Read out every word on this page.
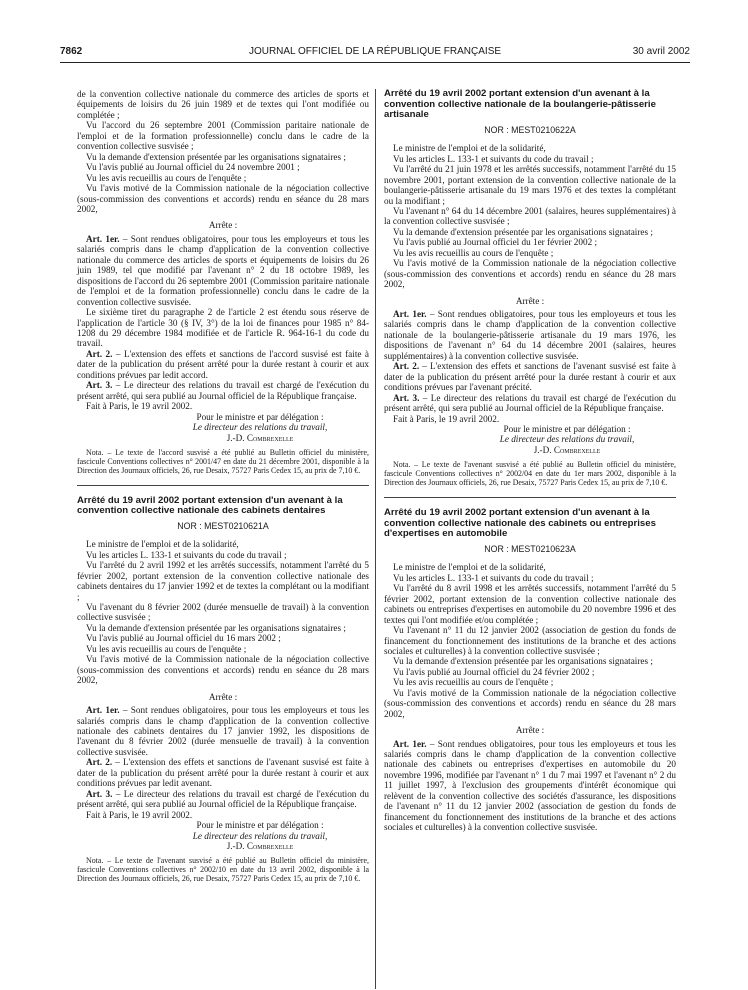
7862	JOURNAL OFFICIEL DE LA RÉPUBLIQUE FRANÇAISE	30 avril 2002

de la convention collective nationale du commerce des articles de sports et équipements de loisirs du 26 juin 1989 et de textes qui l'ont modifiée ou complétée ;

Vu l'accord du 26 septembre 2001 (Commission paritaire nationale de l'emploi et de la formation professionnelle) conclu dans le cadre de la convention collective susvisée ;

Vu la demande d'extension présentée par les organisations signataires ;

Vu l'avis publié au Journal officiel du 24 novembre 2001 ;

Vu les avis recueillis au cours de l'enquête ;

Vu l'avis motivé de la Commission nationale de la négociation collective (sous-commission des conventions et accords) rendu en séance du 28 mars 2002,

Arrête :

Art. 1er. – Sont rendues obligatoires, pour tous les employeurs et tous les salariés compris dans le champ d'application de la convention collective nationale du commerce des articles de sports et équipements de loisirs du 26 juin 1989, tel que modifié par l'avenant n° 2 du 18 octobre 1989, les dispositions de l'accord du 26 septembre 2001 (Commission paritaire nationale de l'emploi et de la formation professionnelle) conclu dans le cadre de la convention collective susvisée.

Le sixième tiret du paragraphe 2 de l'article 2 est étendu sous réserve de l'application de l'article 30 (§ IV, 3°) de la loi de finances pour 1985 n° 84-1208 du 29 décembre 1984 modifiée et de l'article R. 964-16-1 du code du travail.

Art. 2. – L'extension des effets et sanctions de l'accord susvisé est faite à dater de la publication du présent arrêté pour la durée restant à courir et aux conditions prévues par ledit accord.

Art. 3. – Le directeur des relations du travail est chargé de l'exécution du présent arrêté, qui sera publié au Journal officiel de la République française.

Fait à Paris, le 19 avril 2002.

Pour le ministre et par délégation :
Le directeur des relations du travail,
J.-D. Combrexelle

Nota. – Le texte de l'accord susvisé a été publié au Bulletin officiel du ministère, fascicule Conventions collectives n° 2001/47 en date du 21 décembre 2001, disponible à la Direction des Journaux officiels, 26, rue Desaix, 75727 Paris Cedex 15, au prix de 7,10 €.

Arrêté du 19 avril 2002 portant extension d'un avenant à la convention collective nationale des cabinets dentaires

NOR : MEST0210621A

Le ministre de l'emploi et de la solidarité,

Vu les articles L. 133-1 et suivants du code du travail ;

Vu l'arrêté du 2 avril 1992 et les arrêtés successifs, notamment l'arrêté du 5 février 2002, portant extension de la convention collective nationale des cabinets dentaires du 17 janvier 1992 et de textes la complétant ou la modifiant ;

Vu l'avenant du 8 février 2002 (durée mensuelle de travail) à la convention collective susvisée ;

Vu la demande d'extension présentée par les organisations signataires ;

Vu l'avis publié au Journal officiel du 16 mars 2002 ;

Vu les avis recueillis au cours de l'enquête ;

Vu l'avis motivé de la Commission nationale de la négociation collective (sous-commission des conventions et accords) rendu en séance du 28 mars 2002,

Arrête :

Art. 1er. – Sont rendues obligatoires, pour tous les employeurs et tous les salariés compris dans le champ d'application de la convention collective nationale des cabinets dentaires du 17 janvier 1992, les dispositions de l'avenant du 8 février 2002 (durée mensuelle de travail) à la convention collective susvisée.

Art. 2. – L'extension des effets et sanctions de l'avenant susvisé est faite à dater de la publication du présent arrêté pour la durée restant à courir et aux conditions prévues par ledit avenant.

Art. 3. – Le directeur des relations du travail est chargé de l'exécution du présent arrêté, qui sera publié au Journal officiel de la République française.

Fait à Paris, le 19 avril 2002.

Pour le ministre et par délégation :
Le directeur des relations du travail,
J.-D. Combrexelle

Nota. – Le texte de l'avenant susvisé a été publié au Bulletin officiel du ministère, fascicule Conventions collectives n° 2002/10 en date du 13 avril 2002, disponible à la Direction des Journaux officiels, 26, rue Desaix, 75727 Paris Cedex 15, au prix de 7,10 €.

Arrêté du 19 avril 2002 portant extension d'un avenant à la convention collective nationale de la boulangerie-pâtisserie artisanale

NOR : MEST0210622A

Le ministre de l'emploi et de la solidarité,

Vu les articles L. 133-1 et suivants du code du travail ;

Vu l'arrêté du 21 juin 1978 et les arrêtés successifs, notamment l'arrêté du 15 novembre 2001, portant extension de la convention collective nationale de la boulangerie-pâtisserie artisanale du 19 mars 1976 et des textes la complétant ou la modifiant ;

Vu l'avenant n° 64 du 14 décembre 2001 (salaires, heures supplémentaires) à la convention collective susvisée ;

Vu la demande d'extension présentée par les organisations signataires ;

Vu l'avis publié au Journal officiel du 1er février 2002 ;

Vu les avis recueillis au cours de l'enquête ;

Vu l'avis motivé de la Commission nationale de la négociation collective (sous-commission des conventions et accords) rendu en séance du 28 mars 2002,

Arrête :

Art. 1er. – Sont rendues obligatoires, pour tous les employeurs et tous les salariés compris dans le champ d'application de la convention collective nationale de la boulangerie-pâtisserie artisanale du 19 mars 1976, les dispositions de l'avenant n° 64 du 14 décembre 2001 (salaires, heures supplémentaires) à la convention collective susvisée.

Art. 2. – L'extension des effets et sanctions de l'avenant susvisé est faite à dater de la publication du présent arrêté pour la durée restant à courir et aux conditions prévues par l'avenant précité.

Art. 3. – Le directeur des relations du travail est chargé de l'exécution du présent arrêté, qui sera publié au Journal officiel de la République française.

Fait à Paris, le 19 avril 2002.

Pour le ministre et par délégation :
Le directeur des relations du travail,
J.-D. Combrexelle

Nota. – Le texte de l'avenant susvisé a été publié au Bulletin officiel du ministère, fascicule Conventions collectives n° 2002/04 en date du 1er mars 2002, disponible à la Direction des Journaux officiels, 26, rue Desaix, 75727 Paris Cedex 15, au prix de 7,10 €.

Arrêté du 19 avril 2002 portant extension d'un avenant à la convention collective nationale des cabinets ou entreprises d'expertises en automobile

NOR : MEST0210623A

Le ministre de l'emploi et de la solidarité,

Vu les articles L. 133-1 et suivants du code du travail ;

Vu l'arrêté du 8 avril 1998 et les arrêtés successifs, notamment l'arrêté du 5 février 2002, portant extension de la convention collective nationale des cabinets ou entreprises d'expertises en automobile du 20 novembre 1996 et des textes qui l'ont modifiée et/ou complétée ;

Vu l'avenant n° 11 du 12 janvier 2002 (association de gestion du fonds de financement du fonctionnement des institutions de la branche et des actions sociales et culturelles) à la convention collective susvisée ;

Vu la demande d'extension présentée par les organisations signataires ;

Vu l'avis publié au Journal officiel du 24 février 2002 ;

Vu les avis recueillis au cours de l'enquête ;

Vu l'avis motivé de la Commission nationale de la négociation collective (sous-commission des conventions et accords) rendu en séance du 28 mars 2002,

Arrête :

Art. 1er. – Sont rendues obligatoires, pour tous les employeurs et tous les salariés compris dans le champ d'application de la convention collective nationale des cabinets ou entreprises d'expertises en automobile du 20 novembre 1996, modifiée par l'avenant n° 1 du 7 mai 1997 et l'avenant n° 2 du 11 juillet 1997, à l'exclusion des groupements d'intérêt économique qui relèvent de la convention collective des sociétés d'assurance, les dispositions de l'avenant n° 11 du 12 janvier 2002 (association de gestion du fonds de financement du fonctionnement des institutions de la branche et des actions sociales et culturelles) à la convention collective susvisée.
